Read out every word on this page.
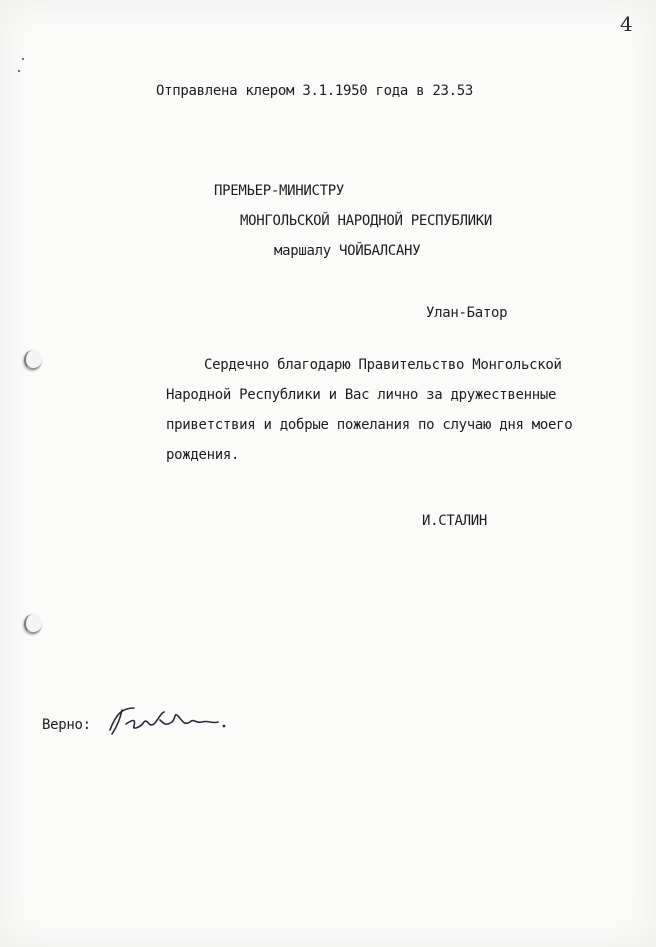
4

Отправлена клером 3.1.1950 года в 23.53

ПРЕМЬЕР-МИНИСТРУ

МОНГОЛЬСКОЙ НАРОДНОЙ РЕСПУБЛИКИ

маршалу ЧОЙБАЛСАНУ

Улан-Батор

Сердечно благодарю Правительство Монгольской
Народной Республики и Вас лично за дружественные
приветствия и добрые пожелания по случаю дня моего
рождения.

И.СТАЛИН

Верно:
